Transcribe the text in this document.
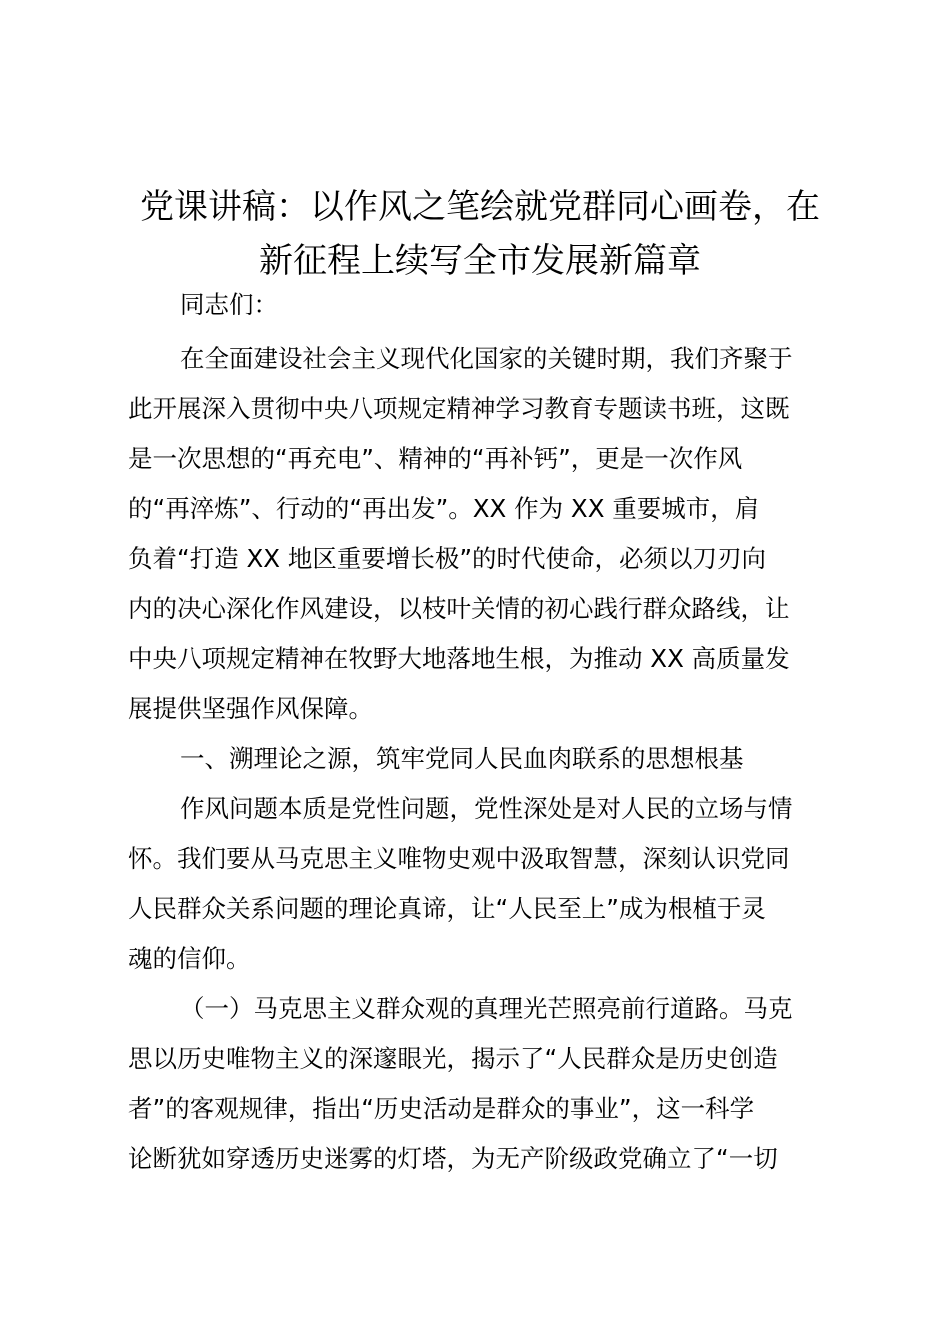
党课讲稿：以作风之笔绘就党群同心画卷，在
新征程上续写全市发展新篇章
同志们：
在全面建设社会主义现代化国家的关键时期，我们齐聚于
此开展深入贯彻中央八项规定精神学习教育专题读书班，这既
是一次思想的“再充电”、精神的“再补钙”，更是一次作风
的“再淬炼”、行动的“再出发”。XX 作为 XX 重要城市，肩
负着“打造 XX 地区重要增长极”的时代使命，必须以刀刃向
内的决心深化作风建设，以枝叶关情的初心践行群众路线，让
中央八项规定精神在牧野大地落地生根，为推动 XX 高质量发
展提供坚强作风保障。
一、溯理论之源，筑牢党同人民血肉联系的思想根基
作风问题本质是党性问题，党性深处是对人民的立场与情
怀。我们要从马克思主义唯物史观中汲取智慧，深刻认识党同
人民群众关系问题的理论真谛，让“人民至上”成为根植于灵
魂的信仰。
（一）马克思主义群众观的真理光芒照亮前行道路。马克
思以历史唯物主义的深邃眼光，揭示了“人民群众是历史创造
者”的客观规律，指出“历史活动是群众的事业”，这一科学
论断犹如穿透历史迷雾的灯塔，为无产阶级政党确立了“一切
